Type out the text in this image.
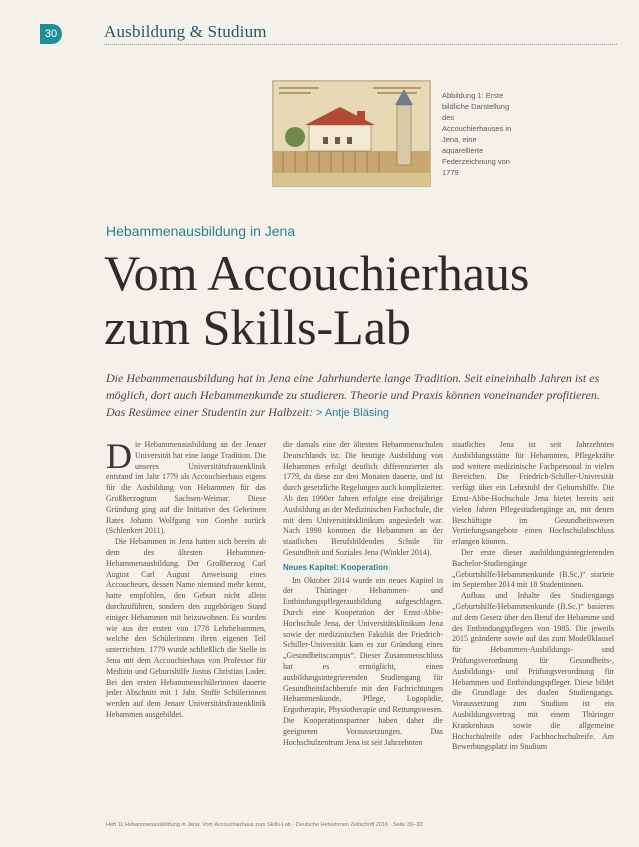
30	Ausbildung & Studium
Abbildung 1: Erste bildliche Darstellung des Accouchierhauses in Jena, eine aquarellierte Federzeichnung von 1779
Hebammenausbildung in Jena
Vom Accouchierhaus
zum Skills-Lab

Die Hebammenausbildung hat in Jena eine Jahrhunderte lange Tradition. Seit eineinhalb Jahren ist es möglich, dort auch Hebammenkunde zu studieren. Theorie und Praxis können voneinander profitieren. Das Resümee einer Studentin zur Halbzeit: > Antje Bläsing

Die Hebammenausbildung an der Jenaer Universität hat eine lange Tradition. Die unseres Universitätsfrauenklinik entstand im Jahr 1779 als Accouchierhaus eigens für die Ausbildung von Hebammen für das Großherzogtum Sachsen-Weimar. Diese Gründung ging auf die Initiative des Geheimen Rates Johann Wolfgang von Goethe zurück (Schlenkert 2011).

Die Hebammen in Jena hatten sich bereits ab dem des ältesten Hebammen-Hebammenausbildung. Der Großherzog Carl August Carl August Anweisung eines Accoucheurs, dessen Name niemand mehr kennt, hatte empfohlen, den Geburt nicht allein durchzuführen, sondern den zugehörigen Stand einiger Hebammen mit beizuwohnen. Es wurden wie aus der ersten von 1778 Lehrhebammen, welche den Schülerinnen ihren eigenen Teil unterrichten. 1779 wurde schließlich die Stelle in Jena mit dem Accouchierhaus von Professor für Medizin und Geburtshilfe Justus Christian Loder. Bei den ersten Hebammenschülerinnen dauerte jeder Abschnitt mit 1 Jahr. Stoffe Schülerinnen werden auf dem Jenaer Universitätsfrauenklinik Hebammen ausgebildet.

die damals eine der ältesten Hebammenschulen Deutschlands ist. Die heutige Ausbildung von Hebammen erfolgt deutlich differenzierter als 1779, da diese zur drei Monaten dauerte, und ist durch gesetzliche Regelungen auch komplizierter. Ab den 1990er Jahren erfolgte eine dreijährige Ausbildung an der Medizinischen Fachschule, die mit dem Universitätsklinikum angesiedelt war. Nach 1990 kommen die Hebammen an der staatlichen Berufsbildenden Schule für Gesundheit und Soziales Jena (Winkler 2014).

Neues Kapitel: Kooperation

Im Oktober 2014 wurde ein neues Kapitel in der Thüringer Hebammen- und Entbindungspflegerausbildung aufgeschlagen. Durch eine Kooperation der Ernst-Abbe-Hochschule Jena, der Universitätsklinikum Jena sowie der medizinischen Fakultät der Friedrich-Schiller-Universität kam es zur Gründung eines „Gesundheitscampus“. Dieser Zusammenschluss hat es ermöglicht, einen ausbildungsintegrierenden Studiengang für Gesundheitsfachberufe mit den Fachrichtungen Hebammenkunde, Pflege, Logopädie, Ergotherapie, Physiotherapie und Rettungswesen. Die Kooperationspartner haben daher die geeigneten Voraussetzungen. Das Hochschulzentrum Jena ist seit Jahrzehnten

staatliches Jena ist seit Jahrzehnten Ausbildungsstätte für Hebammen, Pflegekräfte und weitere medizinische Fachpersonal in vielen Bereichen. Die Friedrich-Schiller-Universität verfügt über ein Lehrstuhl der Geburtshilfe. Die Ernst-Abbe-Hochschule Jena bietet bereits seit vielen Jahren Pflegestudiengänge an, mit denen Beschäftigte im Gesundheitswesen Vertiefungsangebote einen Hochschulabschluss erlangen können.

Der erste dieser ausbildungsintegrierenden Bachelor-Studiengänge „Geburtshilfe/Hebammenkunde (B.Sc.)“ startete im September 2014 mit 18 Studentinnen.

Aufbau und Inhalte des Studiengangs „Geburtshilfe/Hebammenkunde (B.Sc.)“ basieren auf dem Gesetz über den Beruf der Hebamme und des Entbindungspflegers von 1985. Die jeweils 2015 geänderte sowie auf das zum Modellklausel für Hebammen-Ausbildungs- und Prüfungsverordnung für Gesundheits-, Ausbildungs- und Prüfungsverordnung für Hebammen und Entbindungspfleger. Diese bildet die Grundlage des dualen Studiengangs. Voraussetzung zum Studium ist ein Ausbildungsvertrag mit einem Thüringer Krankenhaus sowie die allgemeine Hochschulreife oder Fachhochschulreife. Am Bewerbungsplatz im Studium

Heft 11 Hebammenausbildung in Jena: Vom Accouchierhaus zum Skills-Lab · Deutsche Hebammen Zeitschrift 2016 · Seite 30–33
